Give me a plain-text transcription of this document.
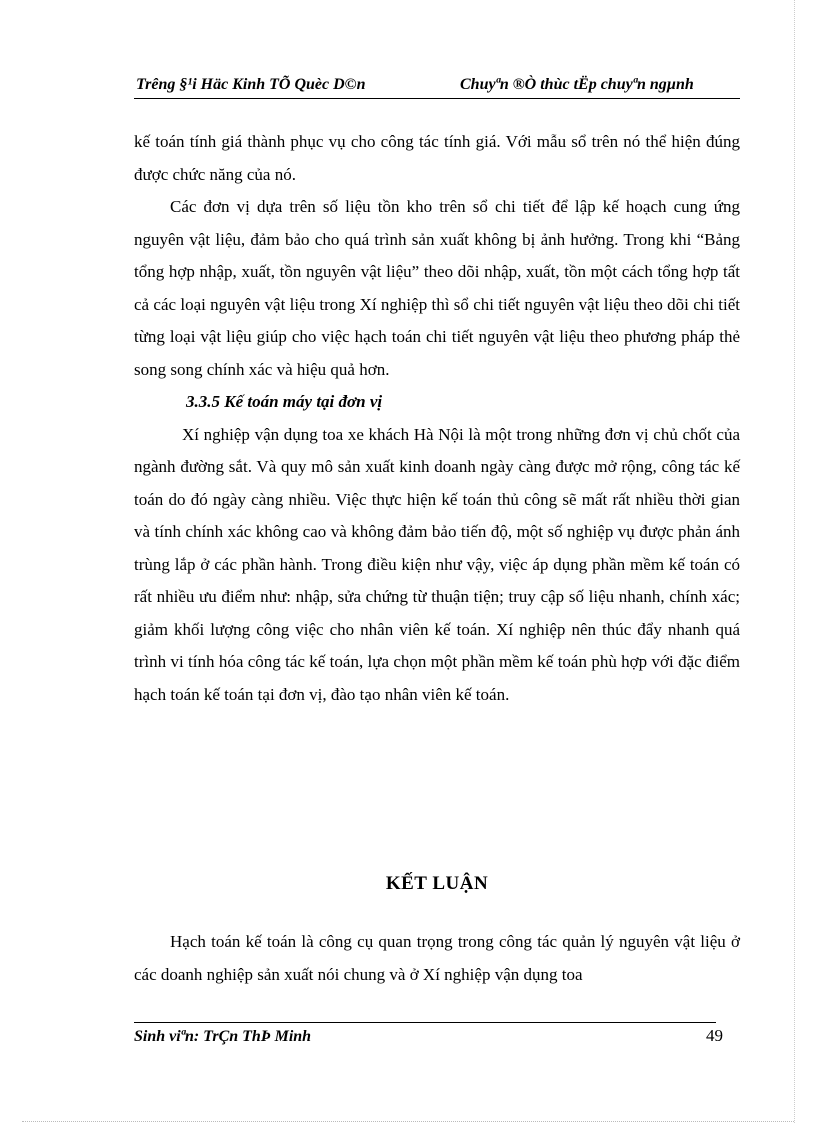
Trêng §¹i Häc Kinh TÕ Quèc D©n	Chuyªn ®Ò thùc tËp chuyªn ngµnh

kế toán tính giá thành phục vụ cho công tác tính giá. Với mẫu sổ trên nó thể hiện đúng được chức năng của nó.

Các đơn vị dựa trên số liệu tồn kho trên sổ chi tiết để lập kế hoạch cung ứng nguyên vật liệu, đảm bảo cho quá trình sản xuất không bị ảnh hưởng. Trong khi “Bảng tổng hợp nhập, xuất, tồn nguyên vật liệu” theo dõi nhập, xuất, tồn một cách tổng hợp tất cả các loại nguyên vật liệu trong Xí nghiệp thì sổ chi tiết nguyên vật liệu theo dõi chi tiết từng loại vật liệu giúp cho việc hạch toán chi tiết nguyên vật liệu theo phương pháp thẻ song song chính xác và hiệu quả hơn.

3.3.5 Kế toán máy tại đơn vị

Xí nghiệp vận dụng toa xe khách Hà Nội là một trong những đơn vị chủ chốt của ngành đường sắt. Và quy mô sản xuất kinh doanh ngày càng được mở rộng, công tác kế toán do đó ngày càng nhiều. Việc thực hiện kế toán thủ công sẽ mất rất nhiều thời gian và tính chính xác không cao và không đảm bảo tiến độ, một số nghiệp vụ được phản ánh trùng lắp ở các phần hành. Trong điều kiện như vậy, việc áp dụng phần mềm kế toán có rất nhiều ưu điểm như: nhập, sửa chứng từ thuận tiện; truy cập số liệu nhanh, chính xác; giảm khối lượng công việc cho nhân viên kế toán. Xí nghiệp nên thúc đẩy nhanh quá trình vi tính hóa công tác kế toán, lựa chọn một phần mềm kế toán phù hợp với đặc điểm hạch toán kế toán tại đơn vị, đào tạo nhân viên kế toán.

KẾT LUẬN

Hạch toán kế toán là công cụ quan trọng trong công tác quản lý nguyên vật liệu ở các doanh nghiệp sản xuất nói chung và ở Xí nghiệp vận dụng toa

Sinh viªn: TrÇn ThÞ Minh	49
